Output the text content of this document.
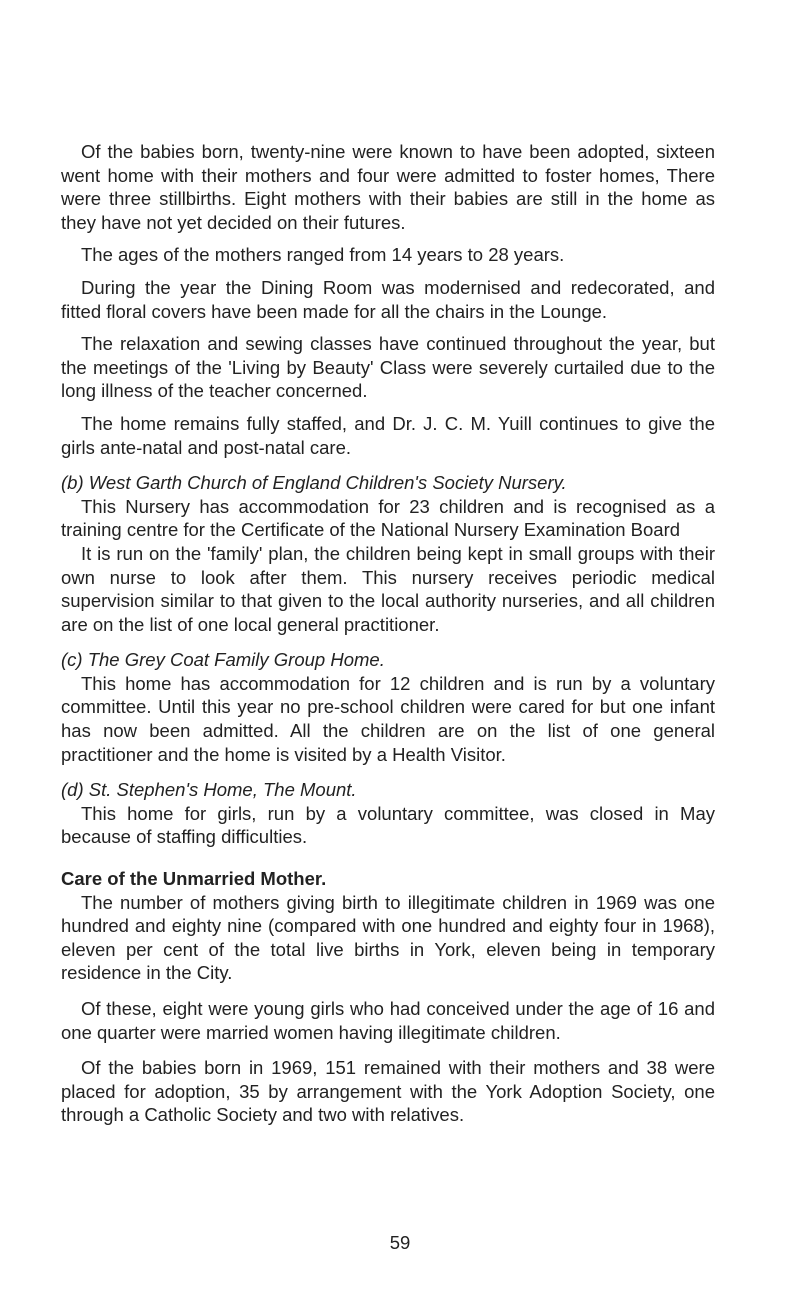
Of the babies born, twenty-nine were known to have been adopted, sixteen went home with their mothers and four were admitted to foster homes, There were three stillbirths. Eight mothers with their babies are still in the home as they have not yet decided on their futures.

The ages of the mothers ranged from 14 years to 28 years.

During the year the Dining Room was modernised and redecorated, and fitted floral covers have been made for all the chairs in the Lounge.

The relaxation and sewing classes have continued throughout the year, but the meetings of the 'Living by Beauty' Class were severely curtailed due to the long illness of the teacher concerned.

The home remains fully staffed, and Dr. J. C. M. Yuill continues to give the girls ante-natal and post-natal care.

(b) West Garth Church of England Children's Society Nursery.

This Nursery has accommodation for 23 children and is recognised as a training centre for the Certificate of the National Nursery Examination Board

It is run on the 'family' plan, the children being kept in small groups with their own nurse to look after them. This nursery receives periodic medical supervision similar to that given to the local authority nurseries, and all children are on the list of one local general practitioner.

(c) The Grey Coat Family Group Home.

This home has accommodation for 12 children and is run by a voluntary committee. Until this year no pre-school children were cared for but one infant has now been admitted. All the children are on the list of one general practitioner and the home is visited by a Health Visitor.

(d) St. Stephen's Home, The Mount.

This home for girls, run by a voluntary committee, was closed in May because of staffing difficulties.

Care of the Unmarried Mother.

The number of mothers giving birth to illegitimate children in 1969 was one hundred and eighty nine (compared with one hundred and eighty four in 1968), eleven per cent of the total live births in York, eleven being in temporary residence in the City.

Of these, eight were young girls who had conceived under the age of 16 and one quarter were married women having illegitimate children.

Of the babies born in 1969, 151 remained with their mothers and 38 were placed for adoption, 35 by arrangement with the York Adoption Society, one through a Catholic Society and two with relatives.

59
